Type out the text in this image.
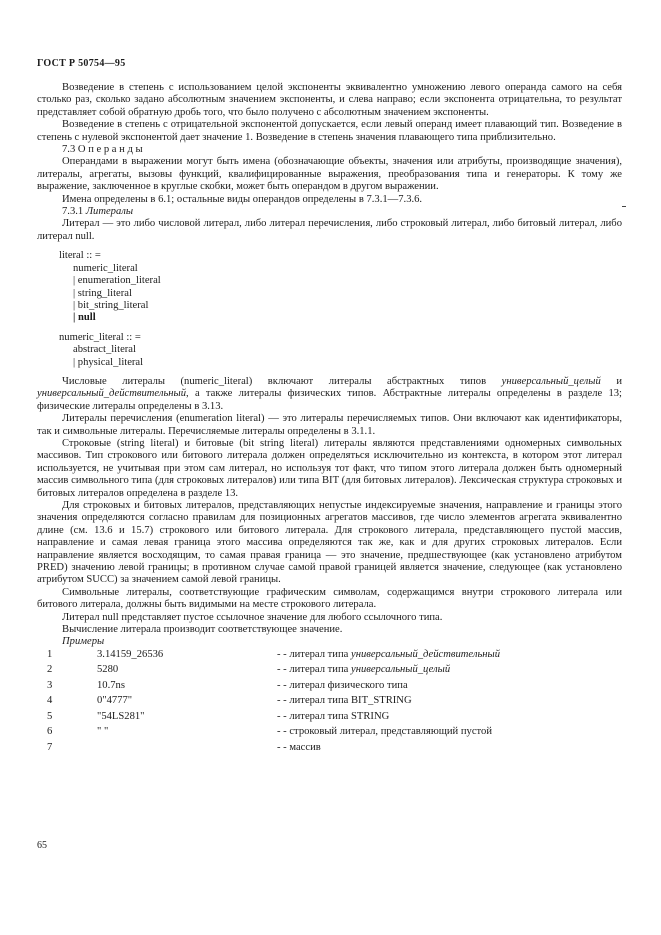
ГОСТ Р 50754—95

Возведение в степень с использованием целой экспоненты эквивалентно умножению левого операнда самого на себя столько раз, сколько задано абсолютным значением экспоненты, и слева направо; если экспонента отрицательна, то результат представляет собой обратную дробь того, что было получено с абсолютным значением экспоненты.

Возведение в степень с отрицательной экспонентой допускается, если левый операнд имеет плавающий тип. Возведение в степень с нулевой экспонентой дает значение 1. Возведение в степень значения плавающего типа приблизительно.

7.3 О п е р а н д ы

Операндами в выражении могут быть имена (обозначающие объекты, значения или атрибуты, производящие значения), литералы, агрегаты, вызовы функций, квалифицированные выражения, преобразования типа и генераторы. К тому же выражение, заключенное в круглые скобки, может быть операндом в другом выражении.

Имена определены в 6.1; остальные виды операндов определены в 7.3.1—7.3.6.

7.3.1 Литералы

Литерал — это либо числовой литерал, либо литерал перечисления, либо строковый литерал, либо битовый литерал, либо литерал null.

literal :: =
numeric_literal
| enumeration_literal
| string_literal
| bit_string_literal
| null
numeric_literal :: =
abstract_literal
| physical_literal

Числовые литералы (numeric_literal) включают литералы абстрактных типов универсальный_целый и универсальный_действительный, а также литералы физических типов. Абстрактные литералы определены в разделе 13; физические литералы определены в 3.13.

Литералы перечисления (enumeration literal) — это литералы перечисляемых типов. Они включают как идентификаторы, так и символьные литералы. Перечисляемые литералы определены в 3.1.1.

Строковые (string literal) и битовые (bit string literal) литералы являются представлениями одномерных символьных массивов. Тип строкового или битового литерала должен определяться исключительно из контекста, в котором этот литерал используется, не учитывая при этом сам литерал, но используя тот факт, что типом этого литерала должен быть одномерный массив символьного типа (для строковых литералов) или типа BIT (для битовых литералов). Лексическая структура строковых и битовых литералов определена в разделе 13.

Для строковых и битовых литералов, представляющих непустые индексируемые значения, направление и границы этого значения определяются согласно правилам для позиционных агрегатов массивов, где число элементов агрегата эквивалентно длине (см. 13.6 и 15.7) строкового или битового литерала. Для строкового литерала, представляющего пустой массив, направление и самая левая граница этого массива определяются так же, как и для других строковых литералов. Если направление является восходящим, то самая правая граница — это значение, предшествующее (как установлено атрибутом PRED) значению левой границы; в противном случае самой правой границей является значение, следующее (как установлено атрибутом SUCC) за значением самой левой границы.

Символьные литералы, соответствующие графическим символам, содержащимся внутри строкового литерала или битового литерала, должны быть видимыми на месте строкового литерала.

Литерал null представляет пустое ссылочное значение для любого ссылочного типа.

Вычисление литерала производит соответствующее значение.

Примеры

1	3.14159_26536	- - литерал типа универсальный_действительный
2	5280	- - литерал типа универсальный_целый
3	10.7ns	- - литерал физического типа
4	0"4777"	- - литерал типа BIT_STRING
5	"54LS281"	- - литерал типа STRING
6	" "	- - строковый литерал, представляющий пустой
7		- - массив
65
